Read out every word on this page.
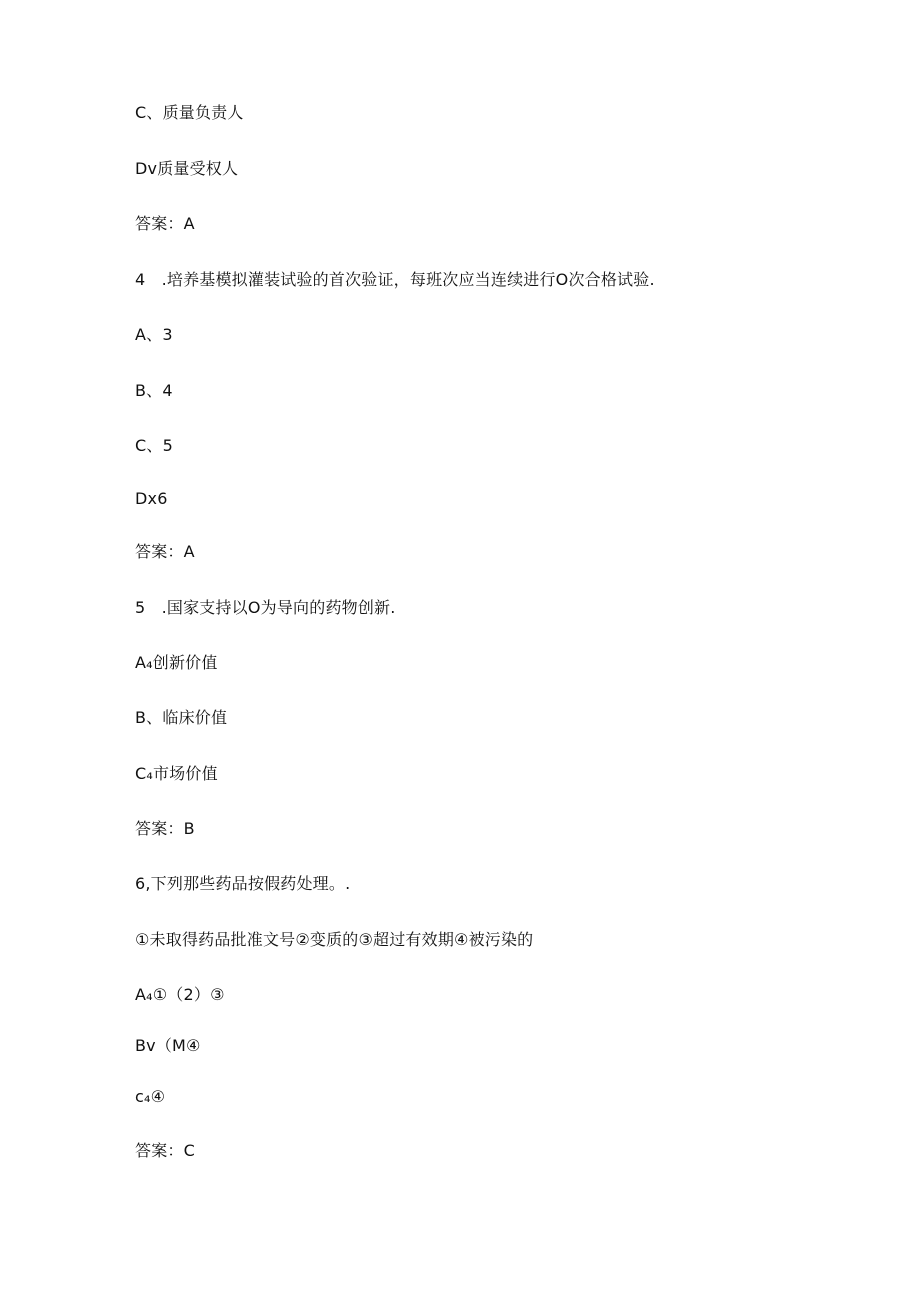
C、质量负责人
Dv质量受权人
答案：A
4　.培养基模拟灌装试验的首次验证，每班次应当连续进行O次合格试验.
A、3
B、4
C、5
Dx6
答案：A
5　.国家支持以O为导向的药物创新.
A₄创新价值
B、临床价值
C₄市场价值
答案：B
6,下列那些药品按假药处理。.
①未取得药品批准文号②变质的③超过有效期④被污染的
A₄①（2）③
Bv（M④
c₄④
答案：C
